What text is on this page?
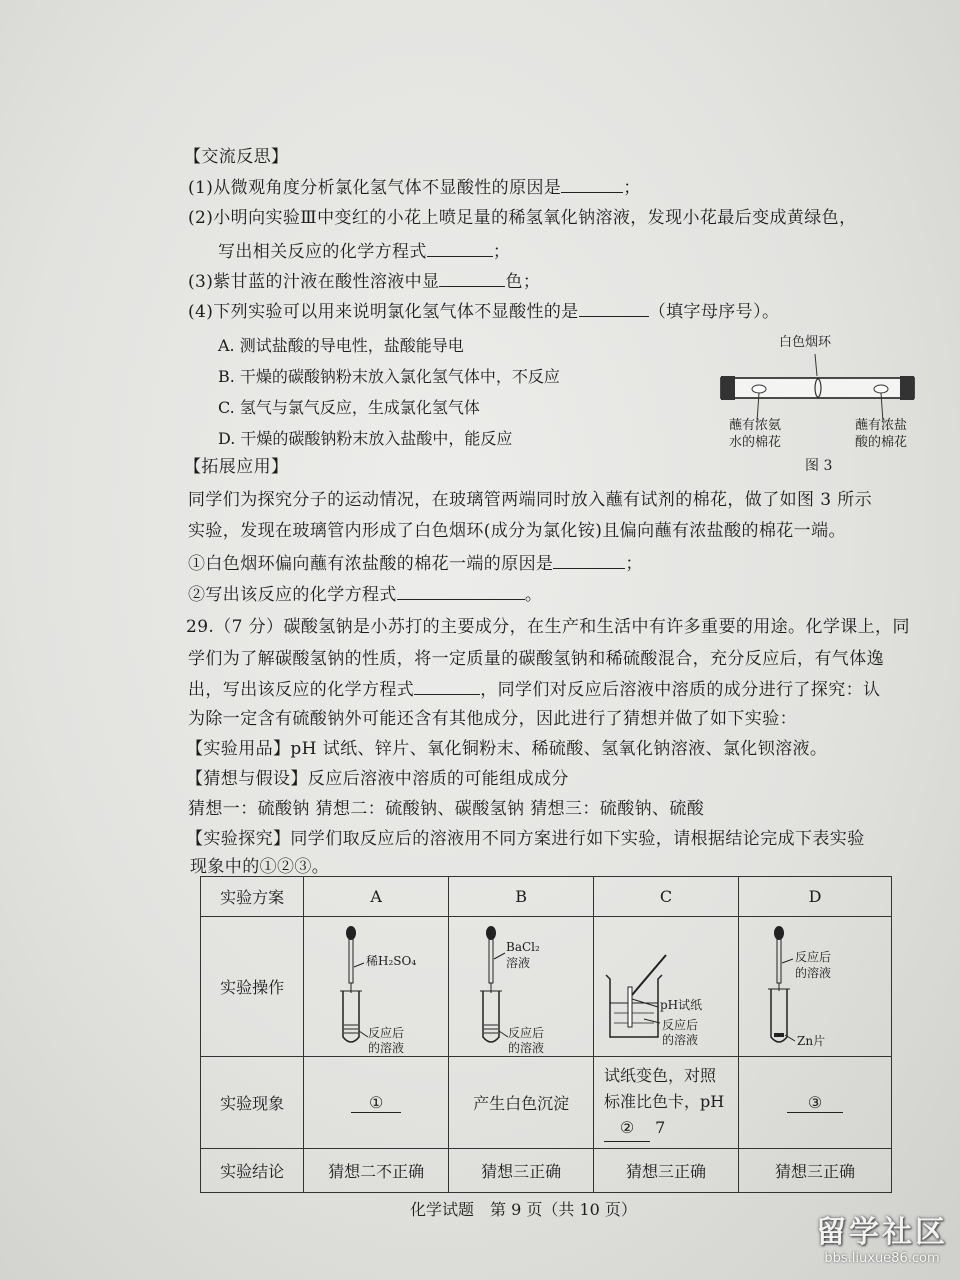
【交流反思】
(1)从微观角度分析氯化氢气体不显酸性的原因是	；
(2)小明向实验Ⅲ中变红的小花上喷足量的稀氢氧化钠溶液，发现小花最后变成黄绿色，
写出相关反应的化学方程式	；
(3)紫甘蓝的汁液在酸性溶液中显	色；
(4)下列实验可以用来说明氯化氢气体不显酸性的是	（填字母序号）。
A. 测试盐酸的导电性，盐酸能导电
B. 干燥的碳酸钠粉末放入氯化氢气体中，不反应
C. 氢气与氯气反应，生成氯化氢气体
D. 干燥的碳酸钠粉末放入盐酸中，能反应
白色烟环
蘸有浓氨
水的棉花
蘸有浓盐
酸的棉花
图 3
【拓展应用】
同学们为探究分子的运动情况，在玻璃管两端同时放入蘸有试剂的棉花，做了如图 3 所示
实验，发现在玻璃管内形成了白色烟环(成分为氯化铵)且偏向蘸有浓盐酸的棉花一端。
①白色烟环偏向蘸有浓盐酸的棉花一端的原因是	；
②写出该反应的化学方程式	。
29.（7 分）碳酸氢钠是小苏打的主要成分，在生产和生活中有许多重要的用途。化学课上，同
学们为了解碳酸氢钠的性质，将一定质量的碳酸氢钠和稀硫酸混合，充分反应后，有气体逸
出，写出该反应的化学方程式	，同学们对反应后溶液中溶质的成分进行了探究：认
为除一定含有硫酸钠外可能还含有其他成分，因此进行了猜想并做了如下实验：
【实验用品】pH 试纸、锌片、氧化铜粉末、稀硫酸、氢氧化钠溶液、氯化钡溶液。
【猜想与假设】反应后溶液中溶质的可能组成成分
猜想一：硫酸钠 猜想二：硫酸钠、碳酸氢钠 猜想三：硫酸钠、硫酸
【实验探究】同学们取反应后的溶液用不同方案进行如下实验，请根据结论完成下表实验
现象中的①②③。
实验方案	A	B	C	D
实验操作	稀H₂SO₄
反应后
的溶液	BaCl₂
溶液
反应后
的溶液	pH试纸
反应后
的溶液	反应后
的溶液
Zn片

实验现象	①	产生白色沉淀	试纸变色，对照
标准比色卡，pH
② 7	③
实验结论	猜想二不正确	猜想三正确	猜想三正确	猜想三正确
化学试题　第 9 页（共 10 页）
留学社区
bbs.liuxue86.com
